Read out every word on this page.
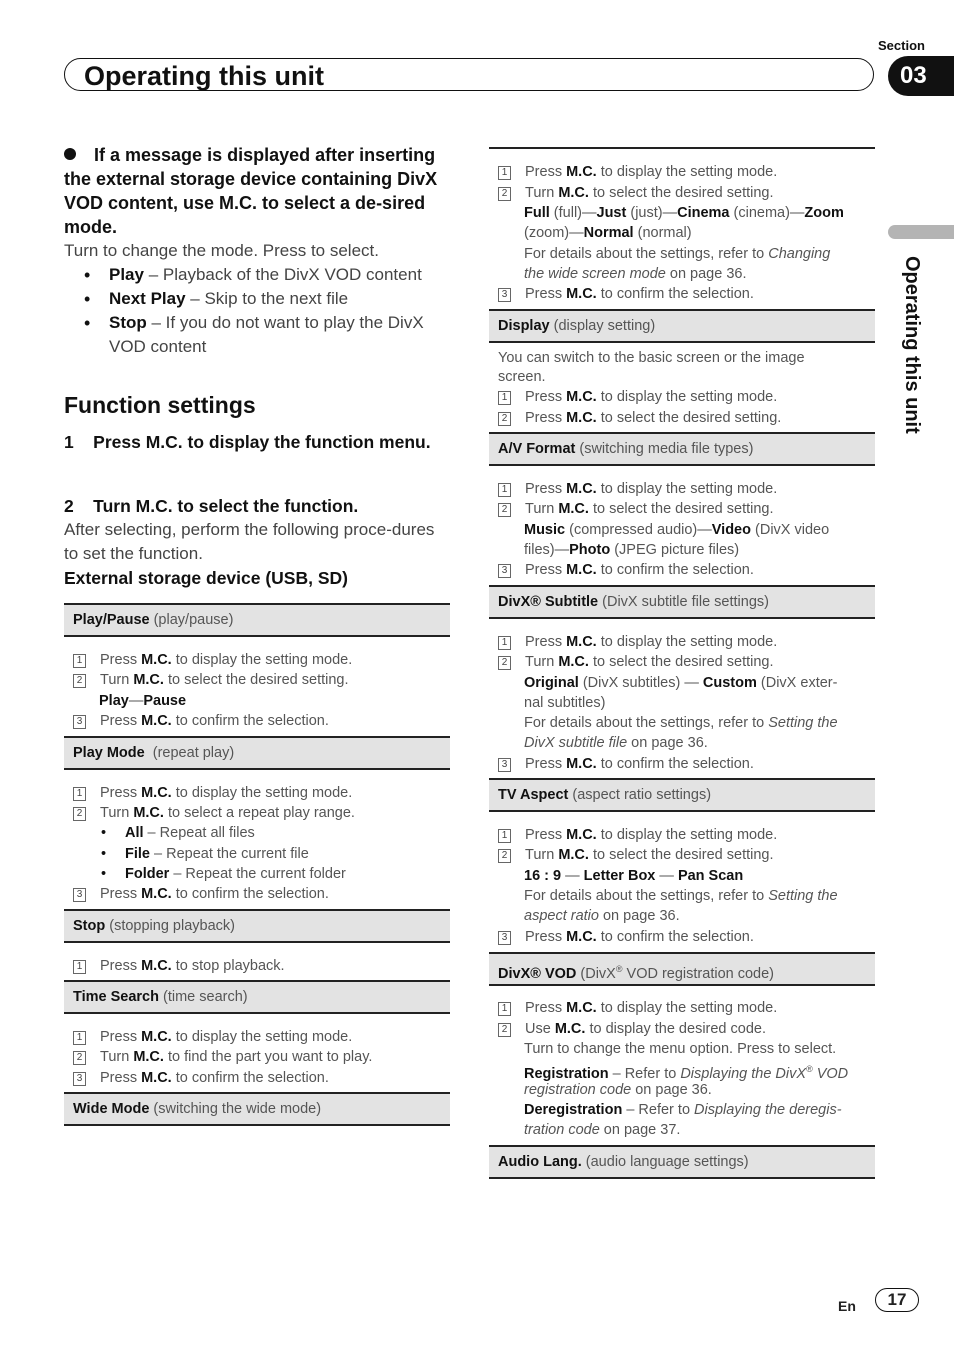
Section
Operating this unit	03
Operating this unit
If a message is displayed after inserting the external storage device containing DivX VOD content, use M.C. to select a de-sired mode.
Turn to change the mode. Press to select.
• Play – Playback of the DivX VOD content
• Next Play – Skip to the next file
• Stop – If you do not want to play the DivX VOD content
Function settings
1    Press M.C. to display the function menu.
2    Turn M.C. to select the function.
After selecting, perform the following proce-dures to set the function.
External storage device (USB, SD)
Play/Pause (play/pause)
1 Press M.C. to display the setting mode.
2 Turn M.C. to select the desired setting.
Play—Pause
3 Press M.C. to confirm the selection.
Play Mode  (repeat play)
1 Press M.C. to display the setting mode.
2 Turn M.C. to select a repeat play range.
• All – Repeat all files
• File – Repeat the current file
• Folder – Repeat the current folder
3 Press M.C. to confirm the selection.
Stop (stopping playback)
1 Press M.C. to stop playback.
Time Search (time search)
1 Press M.C. to display the setting mode.
2 Turn M.C. to find the part you want to play.
3 Press M.C. to confirm the selection.
Wide Mode (switching the wide mode)
1 Press M.C. to display the setting mode.
2 Turn M.C. to select the desired setting.
Full (full)—Just (just)—Cinema (cinema)—Zoom
(zoom)—Normal (normal)
For details about the settings, refer to Changing
the wide screen mode on page 36.
3 Press M.C. to confirm the selection.
Display (display setting)
You can switch to the basic screen or the image
screen.
1 Press M.C. to display the setting mode.
2 Press M.C. to select the desired setting.
A/V Format (switching media file types)
1 Press M.C. to display the setting mode.
2 Turn M.C. to select the desired setting.
Music (compressed audio)—Video (DivX video
files)—Photo (JPEG picture files)
3 Press M.C. to confirm the selection.
DivX® Subtitle (DivX subtitle file settings)
1 Press M.C. to display the setting mode.
2 Turn M.C. to select the desired setting.
Original (DivX subtitles) — Custom (DivX exter-
nal subtitles)
For details about the settings, refer to Setting the
DivX subtitle file on page 36.
3 Press M.C. to confirm the selection.
TV Aspect (aspect ratio settings)
1 Press M.C. to display the setting mode.
2 Turn M.C. to select the desired setting.
16 : 9 — Letter Box — Pan Scan
For details about the settings, refer to Setting the
aspect ratio on page 36.
3 Press M.C. to confirm the selection.
DivX® VOD (DivX® VOD registration code)
1 Press M.C. to display the setting mode.
2 Use M.C. to display the desired code.
Turn to change the menu option. Press to select.
Registration – Refer to Displaying the DivX® VOD
registration code on page 36.
Deregistration – Refer to Displaying the deregis-
tration code on page 37.
Audio Lang. (audio language settings)
En	17
